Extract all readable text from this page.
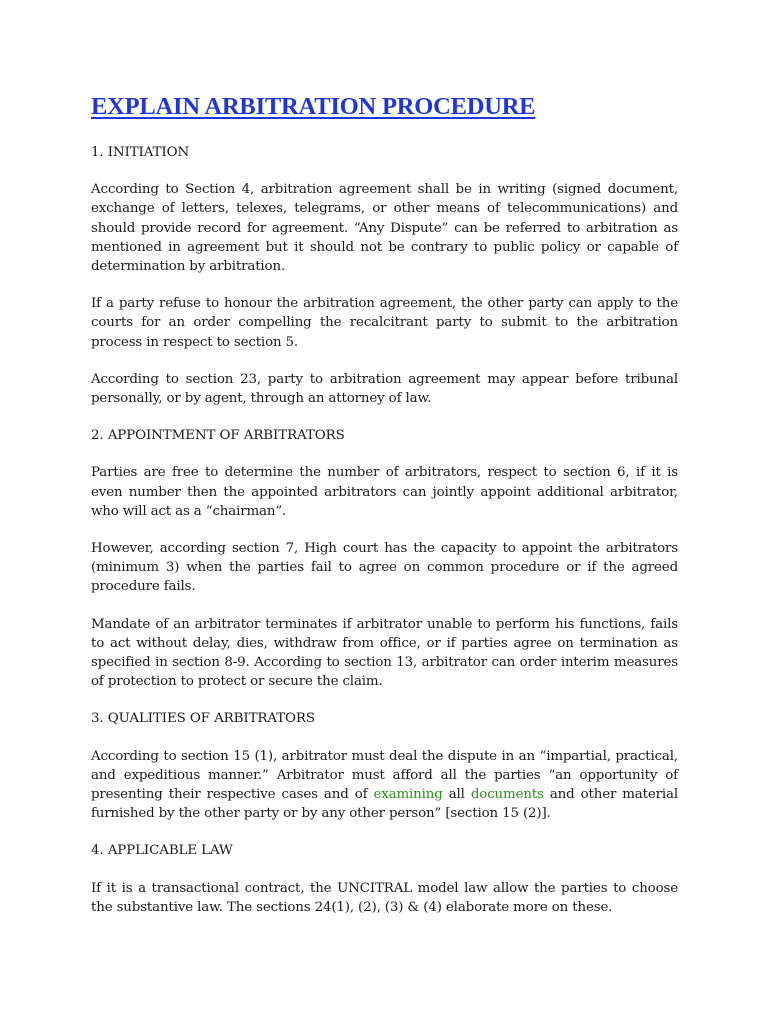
EXPLAIN ARBITRATION PROCEDURE
1. INITIATION

According to Section 4, arbitration agreement shall be in writing (signed document, exchange of letters, telexes, telegrams, or other means of telecommunications) and should provide record for agreement. “Any Dispute” can be referred to arbitration as mentioned in agreement but it should not be contrary to public policy or capable of determination by arbitration.

If a party refuse to honour the arbitration agreement, the other party can apply to the courts for an order compelling the recalcitrant party to submit to the arbitration process in respect to section 5.

According to section 23, party to arbitration agreement may appear before tribunal personally, or by agent, through an attorney of law.

2. APPOINTMENT OF ARBITRATORS

Parties are free to determine the number of arbitrators, respect to section 6, if it is even number then the appointed arbitrators can jointly appoint additional arbitrator, who will act as a “chairman”.

However, according section 7, High court has the capacity to appoint the arbitrators (minimum 3) when the parties fail to agree on common procedure or if the agreed procedure fails.

Mandate of an arbitrator terminates if arbitrator unable to perform his functions, fails to act without delay, dies, withdraw from office, or if parties agree on termination as specified in section 8-9. According to section 13, arbitrator can order interim measures of protection to protect or secure the claim.

3. QUALITIES OF ARBITRATORS

According to section 15 (1), arbitrator must deal the dispute in an “impartial, practical, and expeditious manner.” Arbitrator must afford all the parties “an opportunity of presenting their respective cases and of examining all documents and other material furnished by the other party or by any other person” [section 15 (2)].

4. APPLICABLE LAW

If it is a transactional contract, the UNCITRAL model law allow the parties to choose the substantive law. The sections 24(1), (2), (3) & (4) elaborate more on these.
